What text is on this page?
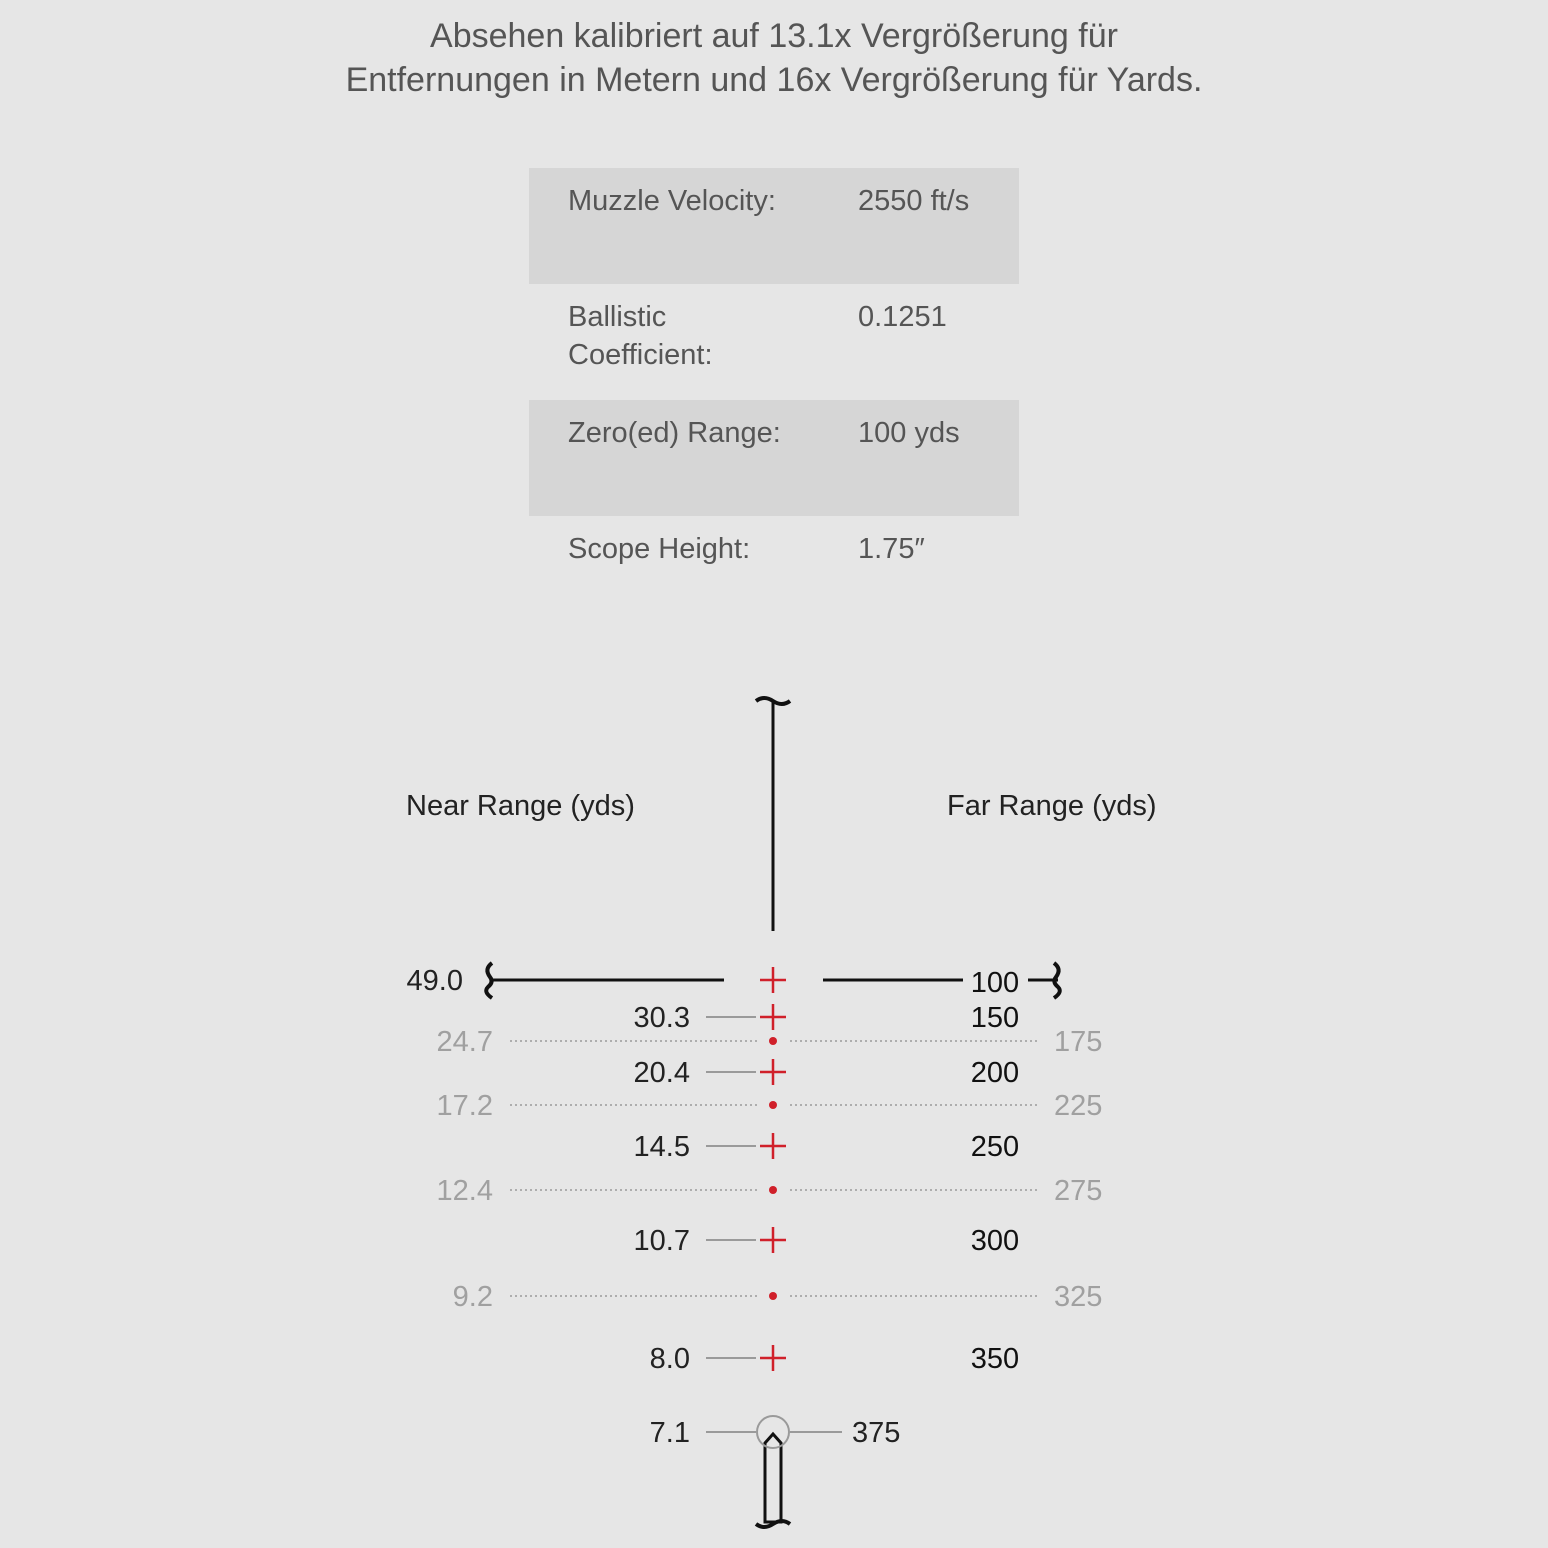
Absehen kalibriert auf 13.1x Vergrößerung für
Entfernungen in Metern und 16x Vergrößerung für Yards.
Muzzle Velocity:	2550 ft/s
Ballistic Coefficient:
0.1251
Zero(ed) Range:	100 yds
Scope Height:	1.75″
Near Range (yds)	Far Range (yds)
49.0	100
30.3	150
24.7	175
20.4	200
17.2	225
14.5	250
12.4	275
10.7	300
9.2	325
8.0	350
7.1	375
